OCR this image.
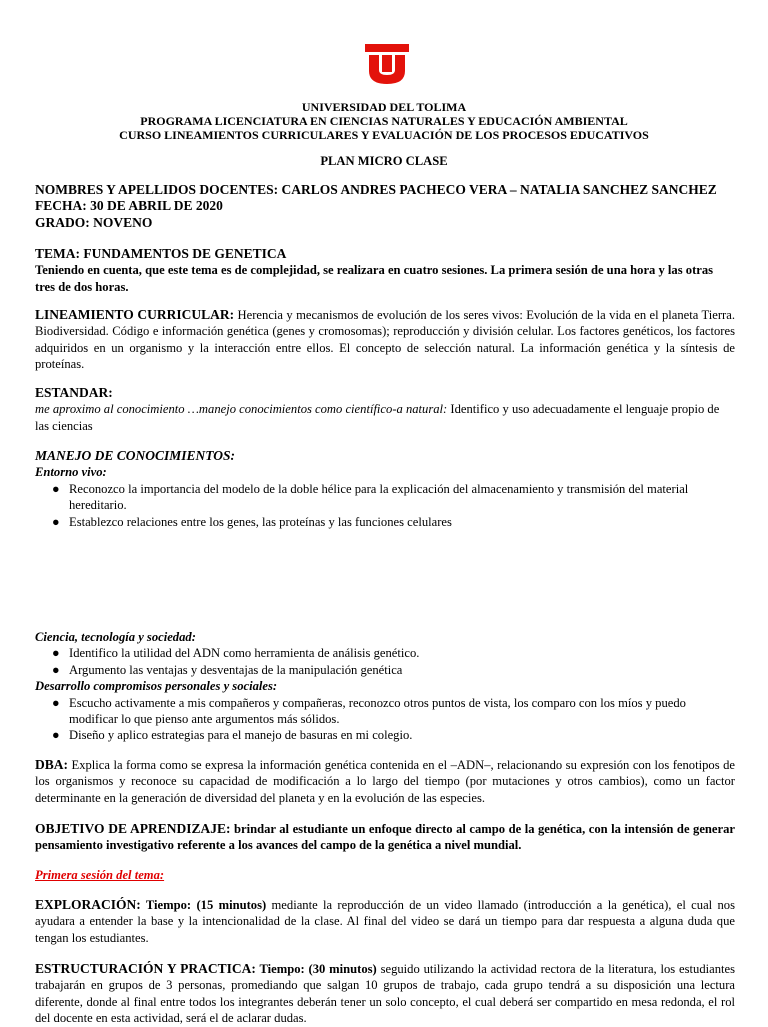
UNIVERSIDAD DEL TOLIMA
PROGRAMA LICENCIATURA EN CIENCIAS NATURALES Y EDUCACIÓN AMBIENTAL
CURSO LINEAMIENTOS CURRICULARES Y EVALUACIÓN DE LOS PROCESOS EDUCATIVOS
PLAN MICRO CLASE
NOMBRES Y APELLIDOS DOCENTES: CARLOS ANDRES PACHECO VERA – NATALIA SANCHEZ SANCHEZ
FECHA: 30 DE ABRIL DE 2020
GRADO: NOVENO
TEMA: FUNDAMENTOS DE GENETICA

Teniendo en cuenta, que este tema es de complejidad, se realizara en cuatro sesiones. La primera sesión de una hora y las otras tres de dos horas.

LINEAMIENTO CURRICULAR: Herencia y mecanismos de evolución de los seres vivos: Evolución de la vida en el planeta Tierra. Biodiversidad. Código e información genética (genes y cromosomas); reproducción y división celular. Los factores genéticos, los factores adquiridos en un organismo y la interacción entre ellos. El concepto de selección natural. La información genética y la síntesis de proteínas.

ESTANDAR:

me aproximo al conocimiento …manejo conocimientos como científico-a natural: Identifico y uso adecuadamente el lenguaje propio de las ciencias

MANEJO DE CONOCIMIENTOS:
Entorno vivo:
● Reconozco la importancia del modelo de la doble hélice para la explicación del almacenamiento y transmisión del material hereditario.
● Establezco relaciones entre los genes, las proteínas y las funciones celulares
Ciencia, tecnología y sociedad:
● Identifico la utilidad del ADN como herramienta de análisis genético.
● Argumento las ventajas y desventajas de la manipulación genética
Desarrollo compromisos personales y sociales:
● Escucho activamente a mis compañeros y compañeras, reconozco otros puntos de vista, los comparo con los míos y puedo modificar lo que pienso ante argumentos más sólidos.
● Diseño y aplico estrategias para el manejo de basuras en mi colegio.

DBA: Explica la forma como se expresa la información genética contenida en el –ADN–, relacionando su expresión con los fenotipos de los organismos y reconoce su capacidad de modificación a lo largo del tiempo (por mutaciones y otros cambios), como un factor determinante en la generación de diversidad del planeta y en la evolución de las especies.

OBJETIVO DE APRENDIZAJE: brindar al estudiante un enfoque directo al campo de la genética, con la intensión de generar pensamiento investigativo referente a los avances del campo de la genética a nivel mundial.

Primera sesión del tema:

EXPLORACIÓN: Tiempo: (15 minutos) mediante la reproducción de un video llamado (introducción a la genética), el cual nos ayudara a entender la base y la intencionalidad de la clase. Al final del video se dará un tiempo para dar respuesta a alguna duda que tengan los estudiantes.

ESTRUCTURACIÓN Y PRACTICA: Tiempo: (30 minutos) seguido utilizando la actividad rectora de la literatura, los estudiantes trabajarán en grupos de 3 personas, promediando que salgan 10 grupos de trabajo, cada grupo tendrá a su disposición una lectura diferente, donde al final entre todos los integrantes deberán tener un solo concepto, el cual deberá ser compartido en mesa redonda, el rol del docente en esta actividad, será el de aclarar dudas.
